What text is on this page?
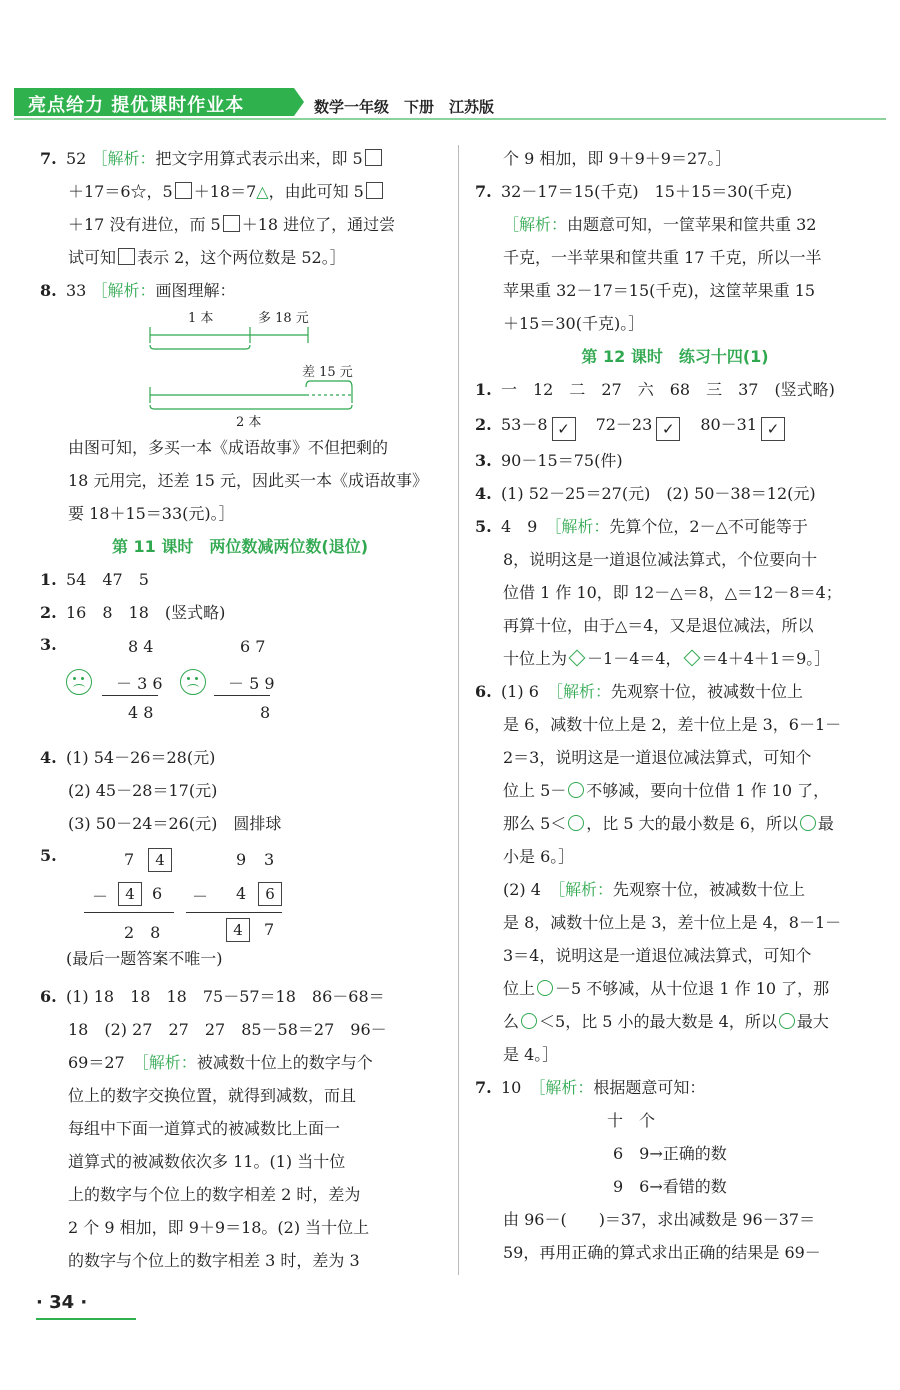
亮点给力 提优课时作业本	数学一年级　下册　江苏版
7. 52 ［解析：把文字用算式表示出来，即 5
＋17＝6☆，5 ＋18＝7△，由此可知 5
＋17 没有进位，而 5 ＋18 进位了，通过尝
试可知 表示 2，这个两位数是 52。］
8. 33 ［解析：画图理解：
1 本	多 18 元
差 15 元
2 本
由图可知，多买一本《成语故事》不但把剩的
18 元用完，还差 15 元，因此买一本《成语故事》
要 18＋15＝33(元)。］
第 11 课时　两位数减两位数(退位)
1. 54　47　5
2. 16　8　18　(竖式略)
3.	8 4
－ 3 6
4 8
6 7
－ 5 9
8
4. (1) 54－26＝28(元)
(2) 45－28＝17(元)
(3) 50－24＝26(元)　圆排球
5.	7	4
－	4	6
2　8
9 3
－ 4	6
4	7
(最后一题答案不唯一)
6. (1) 18　18　18　75－57＝18　86－68＝
18　(2) 27　27　27　85－58＝27　96－
69＝27　［解析：被减数十位上的数字与个
位上的数字交换位置，就得到减数，而且
每组中下面一道算式的被减数比上面一
道算式的被减数依次多 11。(1) 当十位
上的数字与个位上的数字相差 2 时，差为
2 个 9 相加，即 9＋9＝18。(2) 当十位上
的数字与个位上的数字相差 3 时，差为 3
个 9 相加，即 9＋9＋9＝27。］
7. 32－17＝15(千克)　15＋15＝30(千克)
［解析：由题意可知，一筐苹果和筐共重 32
千克，一半苹果和筐共重 17 千克，所以一半
苹果重 32－17＝15(千克)，这筐苹果重 15
＋15＝30(千克)。］
第 12 课时　练习十四(1)
1. 一　12　二　27　六　68　三　37　(竖式略)
2. 53－8 ✓　 72－23 ✓　 80－31 ✓
3. 90－15＝75(件)
4. (1) 52－25＝27(元)　(2) 50－38＝12(元)
5. 4　9　［解析：先算个位，2－△不可能等于
8，说明这是一道退位减法算式，个位要向十
位借 1 作 10，即 12－△＝8，△＝12－8＝4；
再算十位，由于△＝4，又是退位减法，所以
十位上为 －1－4＝4， ＝4＋4＋1＝9。］
6. (1) 6　［解析：先观察十位，被减数十位上
是 6，减数十位上是 2，差十位上是 3，6－1－
2＝3，说明这是一道退位减法算式，可知个
位上 5－ 不够减，要向十位借 1 作 10 了，
那么 5＜ ，比 5 大的最小数是 6，所以 最
小是 6。］
(2) 4　［解析：先观察十位，被减数十位上
是 8，减数十位上是 3，差十位上是 4，8－1－
3＝4，说明这是一道退位减法算式，可知个
位上 －5 不够减，从十位退 1 作 10 了，那
么 ＜5，比 5 小的最大数是 4，所以 最大
是 4。］
7. 10　［解析：根据题意可知：
十　个
6　9→正确的数
9　6→看错的数
由 96－(　　)＝37，求出减数是 96－37＝
59，再用正确的算式求出正确的结果是 69－
· 34 ·
